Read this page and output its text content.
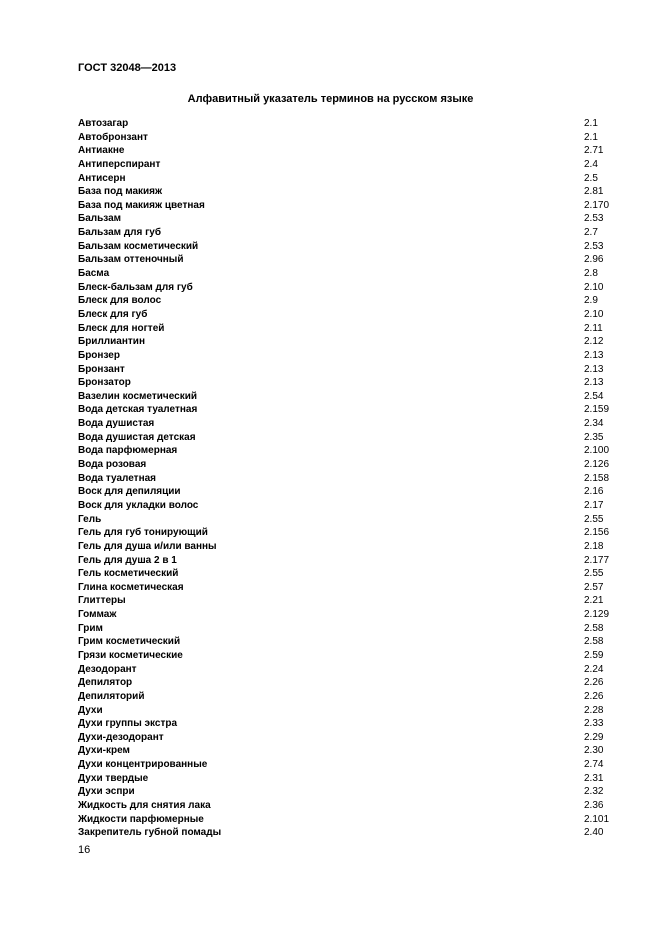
ГОСТ 32048—2013
Алфавитный указатель терминов на русском языке
Автозагар	2.1
Автобронзант	2.1
Антиакне	2.71
Антиперспирант	2.4
Антисерн	2.5
База под макияж	2.81
База под макияж цветная	2.170
Бальзам	2.53
Бальзам для губ	2.7
Бальзам косметический	2.53
Бальзам оттеночный	2.96
Басма	2.8
Блеск-бальзам для губ	2.10
Блеск для волос	2.9
Блеск для губ	2.10
Блеск для ногтей	2.11
Бриллиантин	2.12
Бронзер	2.13
Бронзант	2.13
Бронзатор	2.13
Вазелин косметический	2.54
Вода детская туалетная	2.159
Вода душистая	2.34
Вода душистая детская	2.35
Вода парфюмерная	2.100
Вода розовая	2.126
Вода туалетная	2.158
Воск для депиляции	2.16
Воск для укладки волос	2.17
Гель	2.55
Гель для губ тонирующий	2.156
Гель для душа и/или ванны	2.18
Гель для душа 2 в 1	2.177
Гель косметический	2.55
Глина косметическая	2.57
Глиттеры	2.21
Гоммаж	2.129
Грим	2.58
Грим косметический	2.58
Грязи косметические	2.59
Дезодорант	2.24
Депилятор	2.26
Депиляторий	2.26
Духи	2.28
Духи группы экстра	2.33
Духи-дезодорант	2.29
Духи-крем	2.30
Духи концентрированные	2.74
Духи твердые	2.31
Духи эспри	2.32
Жидкость для снятия лака	2.36
Жидкости парфюмерные	2.101
Закрепитель губной помады	2.40
16
